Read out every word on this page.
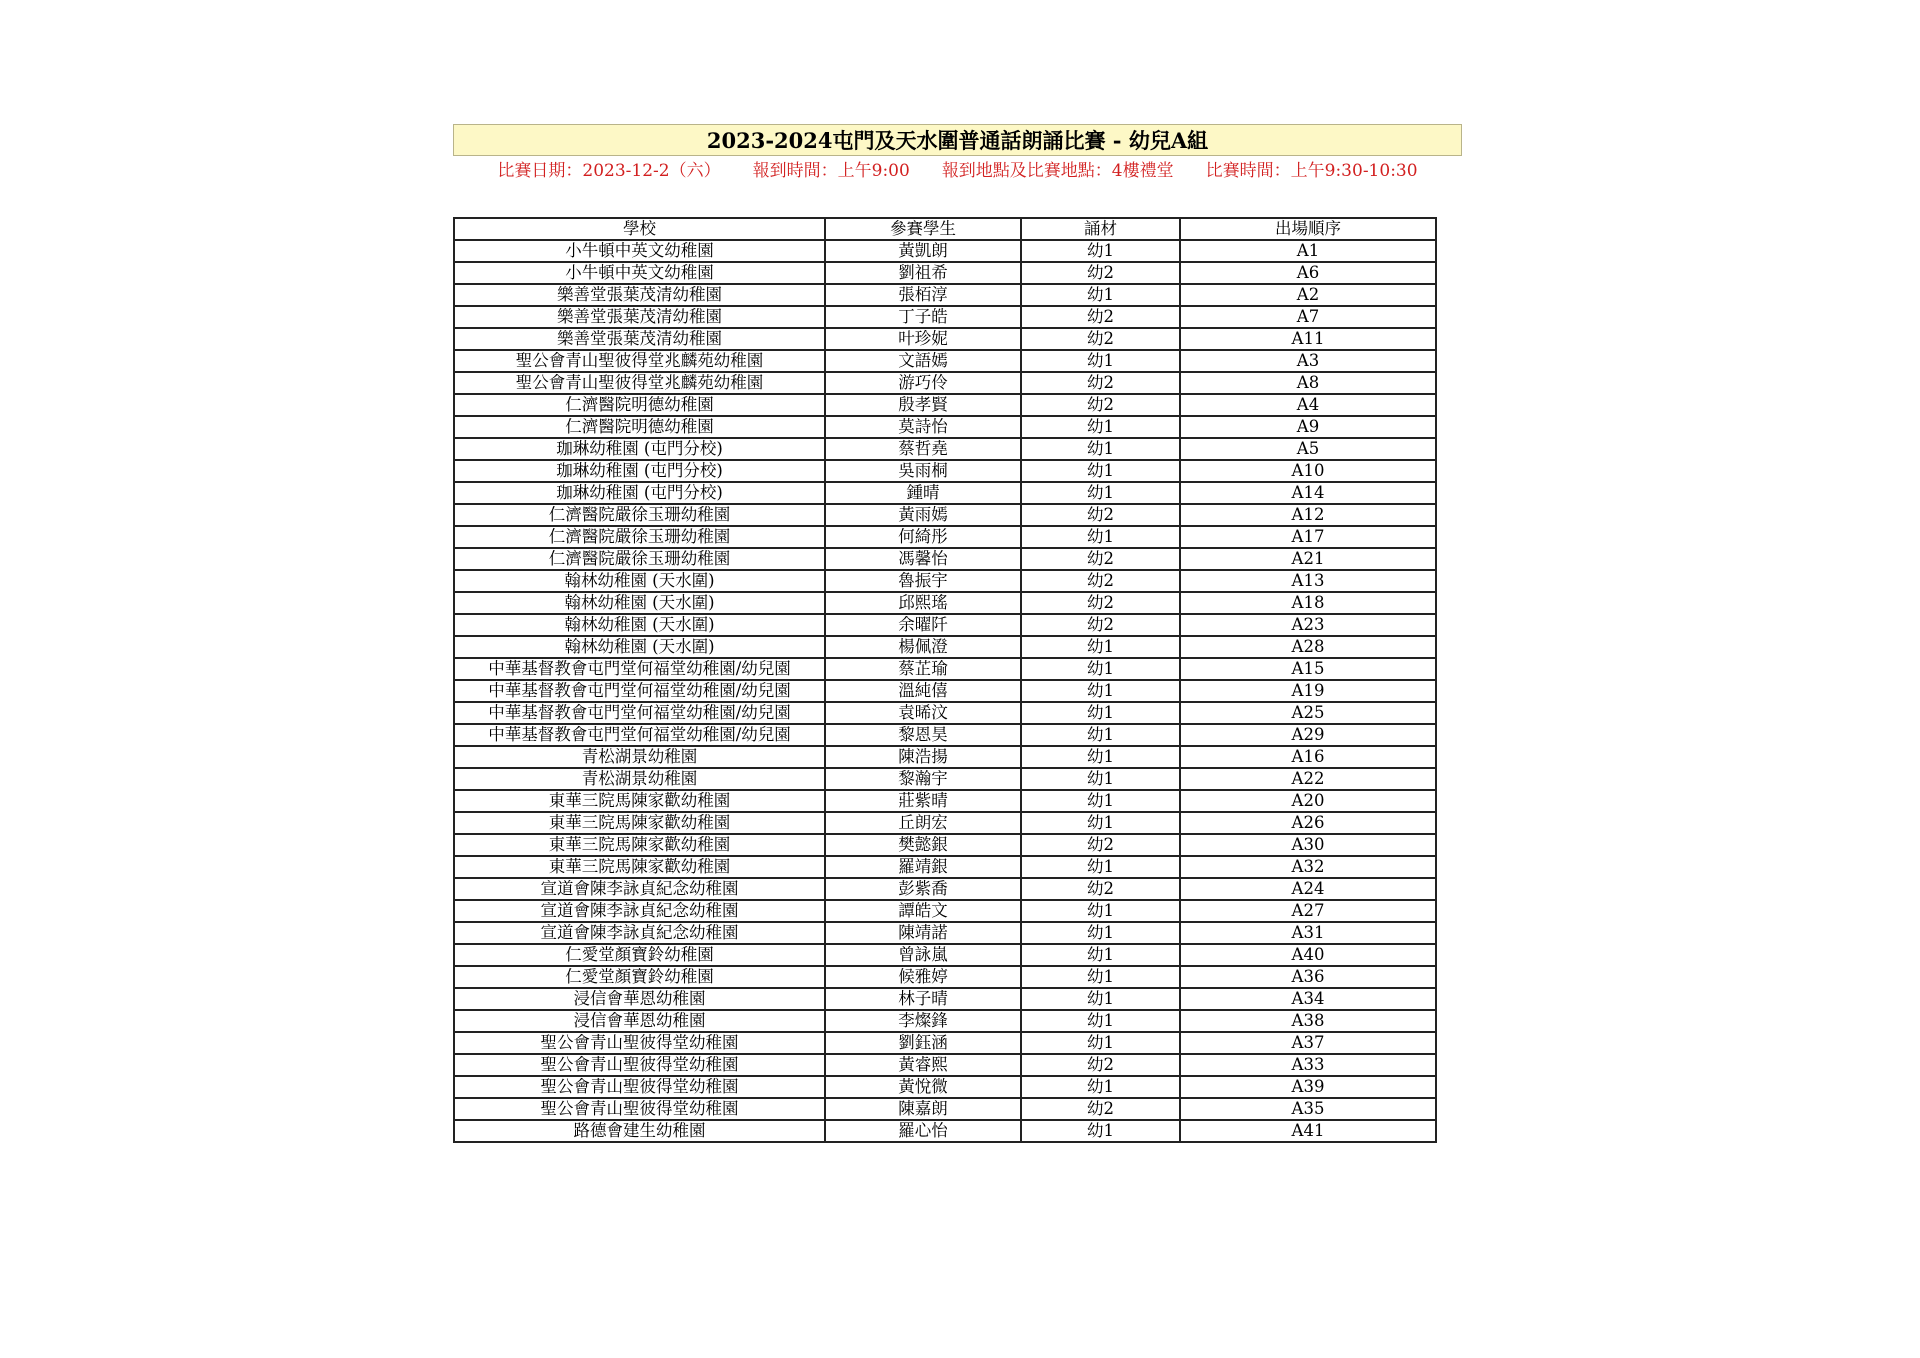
2023-2024屯門及天水圍普通話朗誦比賽 - 幼兒A組
比賽日期：2023-12-2（六） 報到時間：上午9:00 報到地點及比賽地點：4樓禮堂 比賽時間：上午9:30-10:30
學校	參賽學生	誦材	出場順序
小牛頓中英文幼稚園	黃凱朗	幼1	A1
小牛頓中英文幼稚園	劉祖希	幼2	A6
樂善堂張葉茂清幼稚園	張栢淳	幼1	A2
樂善堂張葉茂清幼稚園	丁子皓	幼2	A7
樂善堂張葉茂清幼稚園	叶珍妮	幼2	A11
聖公會青山聖彼得堂兆麟苑幼稚園	文語嫣	幼1	A3
聖公會青山聖彼得堂兆麟苑幼稚園	游巧伶	幼2	A8
仁濟醫院明德幼稚園	殷孝賢	幼2	A4
仁濟醫院明德幼稚園	莫詩怡	幼1	A9
珈琳幼稚園 (屯門分校)	蔡哲堯	幼1	A5
珈琳幼稚園 (屯門分校)	吳雨桐	幼1	A10
珈琳幼稚園 (屯門分校)	鍾晴	幼1	A14
仁濟醫院嚴徐玉珊幼稚園	黃雨嫣	幼2	A12
仁濟醫院嚴徐玉珊幼稚園	何綺彤	幼1	A17
仁濟醫院嚴徐玉珊幼稚園	馮馨怡	幼2	A21
翰林幼稚園 (天水圍)	魯振宇	幼2	A13
翰林幼稚園 (天水圍)	邱熙瑤	幼2	A18
翰林幼稚園 (天水圍)	余曜阡	幼2	A23
翰林幼稚園 (天水圍)	楊佩澄	幼1	A28
中華基督教會屯門堂何福堂幼稚園/幼兒園	蔡芷瑜	幼1	A15
中華基督教會屯門堂何福堂幼稚園/幼兒園	溫純僖	幼1	A19
中華基督教會屯門堂何福堂幼稚園/幼兒園	袁晞汶	幼1	A25
中華基督教會屯門堂何福堂幼稚園/幼兒園	黎恩昊	幼1	A29
青松湖景幼稚園	陳浩揚	幼1	A16
青松湖景幼稚園	黎瀚宇	幼1	A22
東華三院馬陳家歡幼稚園	莊紫晴	幼1	A20
東華三院馬陳家歡幼稚園	丘朗宏	幼1	A26
東華三院馬陳家歡幼稚園	樊懿銀	幼2	A30
東華三院馬陳家歡幼稚園	羅靖銀	幼1	A32
宣道會陳李詠貞紀念幼稚園	彭紫喬	幼2	A24
宣道會陳李詠貞紀念幼稚園	譚皓文	幼1	A27
宣道會陳李詠貞紀念幼稚園	陳靖諾	幼1	A31
仁愛堂顏寶鈴幼稚園	曾詠嵐	幼1	A40
仁愛堂顏寶鈴幼稚園	候雅婷	幼1	A36
浸信會華恩幼稚園	林子晴	幼1	A34
浸信會華恩幼稚園	李燦鋒	幼1	A38
聖公會青山聖彼得堂幼稚園	劉鈺涵	幼1	A37
聖公會青山聖彼得堂幼稚園	黃睿熙	幼2	A33
聖公會青山聖彼得堂幼稚園	黃悅微	幼1	A39
聖公會青山聖彼得堂幼稚園	陳嘉朗	幼2	A35
路德會建生幼稚園	羅心怡	幼1	A41
